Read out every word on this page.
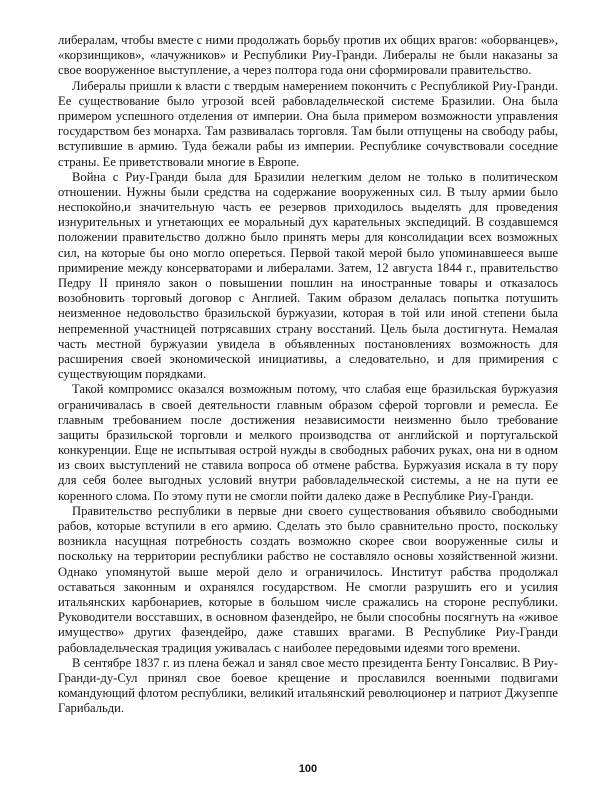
либералам, чтобы вместе с ними продолжать борьбу против их общих врагов: «оборванцев», «корзинщиков», «лачужников» и Республики Риу-Гранди. Либералы не были наказаны за свое вооруженное выступление, а через полтора года они сформировали правительство.

Либералы пришли к власти с твердым намерением покончить с Республикой Риу-Гранди. Ее существование было угрозой всей рабовладельческой системе Бразилии. Она была примером успешного отделения от империи. Она была примером возможности управления государством без монарха. Там развивалась торговля. Там были отпущены на свободу рабы, вступившие в армию. Туда бежали рабы из империи. Республике сочувствовали соседние страны. Ее приветствовали многие в Европе.

Война с Риу-Гранди была для Бразилии нелегким делом не только в политическом отношении. Нужны были средства на содержание вооруженных сил. В тылу армии было неспокойно,и значительную часть ее резервов приходилось выделять для проведения изнурительных и угнетающих ее моральный дух карательных экспедиций. В создавшемся положении правительство должно было принять меры для консолидации всех возможных сил, на которые бы оно могло опереться. Первой такой мерой было упоминавшееся выше примирение между консерваторами и либералами. Затем, 12 августа 1844 г., правительство Педру II приняло закон о повышении пошлин на иностранные товары и отказалось возобновить торговый договор с Англией. Таким образом делалась попытка потушить неизменное недовольство бразильской буржуазии, которая в той или иной степени была непременной участницей потрясавших страну восстаний. Цель была достигнута. Немалая часть местной буржуазии увидела в объявленных постановлениях возможность для расширения своей экономической инициативы, а следовательно, и для примирения с существующим порядками.

Такой компромисс оказался возможным потому, что слабая еще бразильская буржуазия ограничивалась в своей деятельности главным образом сферой торговли и ремесла. Ее главным требованием после достижения независимости неизменно было требование защиты бразильской торговли и мелкого производства от английской и португальской конкуренции. Еще не испытывая острой нужды в свободных рабочих руках, она ни в одном из своих выступлений не ставила вопроса об отмене рабства. Буржуазия искала в ту пору для себя более выгодных условий внутри рабовладельческой системы, а не на пути ее коренного слома. По этому пути не смогли пойти далеко даже в Республике Риу-Гранди.

Правительство республики в первые дни своего существования объявило свободными рабов, которые вступили в его армию. Сделать это было сравнительно просто, поскольку возникла насущная потребность создать возможно скорее свои вооруженные силы и поскольку на территории республики рабство не составляло основы хозяйственной жизни. Однако упомянутой выше мерой дело и ограничилось. Институт рабства продолжал оставаться законным и охранялся государством. Не смогли разрушить его и усилия итальянских карбонариев, которые в большом числе сражались на стороне республики. Руководители восставших, в основном фазендейро, не были способны посягнуть на «живое имущество» других фазендейро, даже ставших врагами. В Республике Риу-Гранди рабовладельческая традиция уживалась с наиболее передовыми идеями того времени.

В сентябре 1837 г. из плена бежал и занял свое место президента Бенту Гонсалвис. В Риу-Гранди-ду-Сул принял свое боевое крещение и прославился военными подвигами командующий флотом республики, великий итальянский революционер и патриот Джузеппе Гарибальди.

100
